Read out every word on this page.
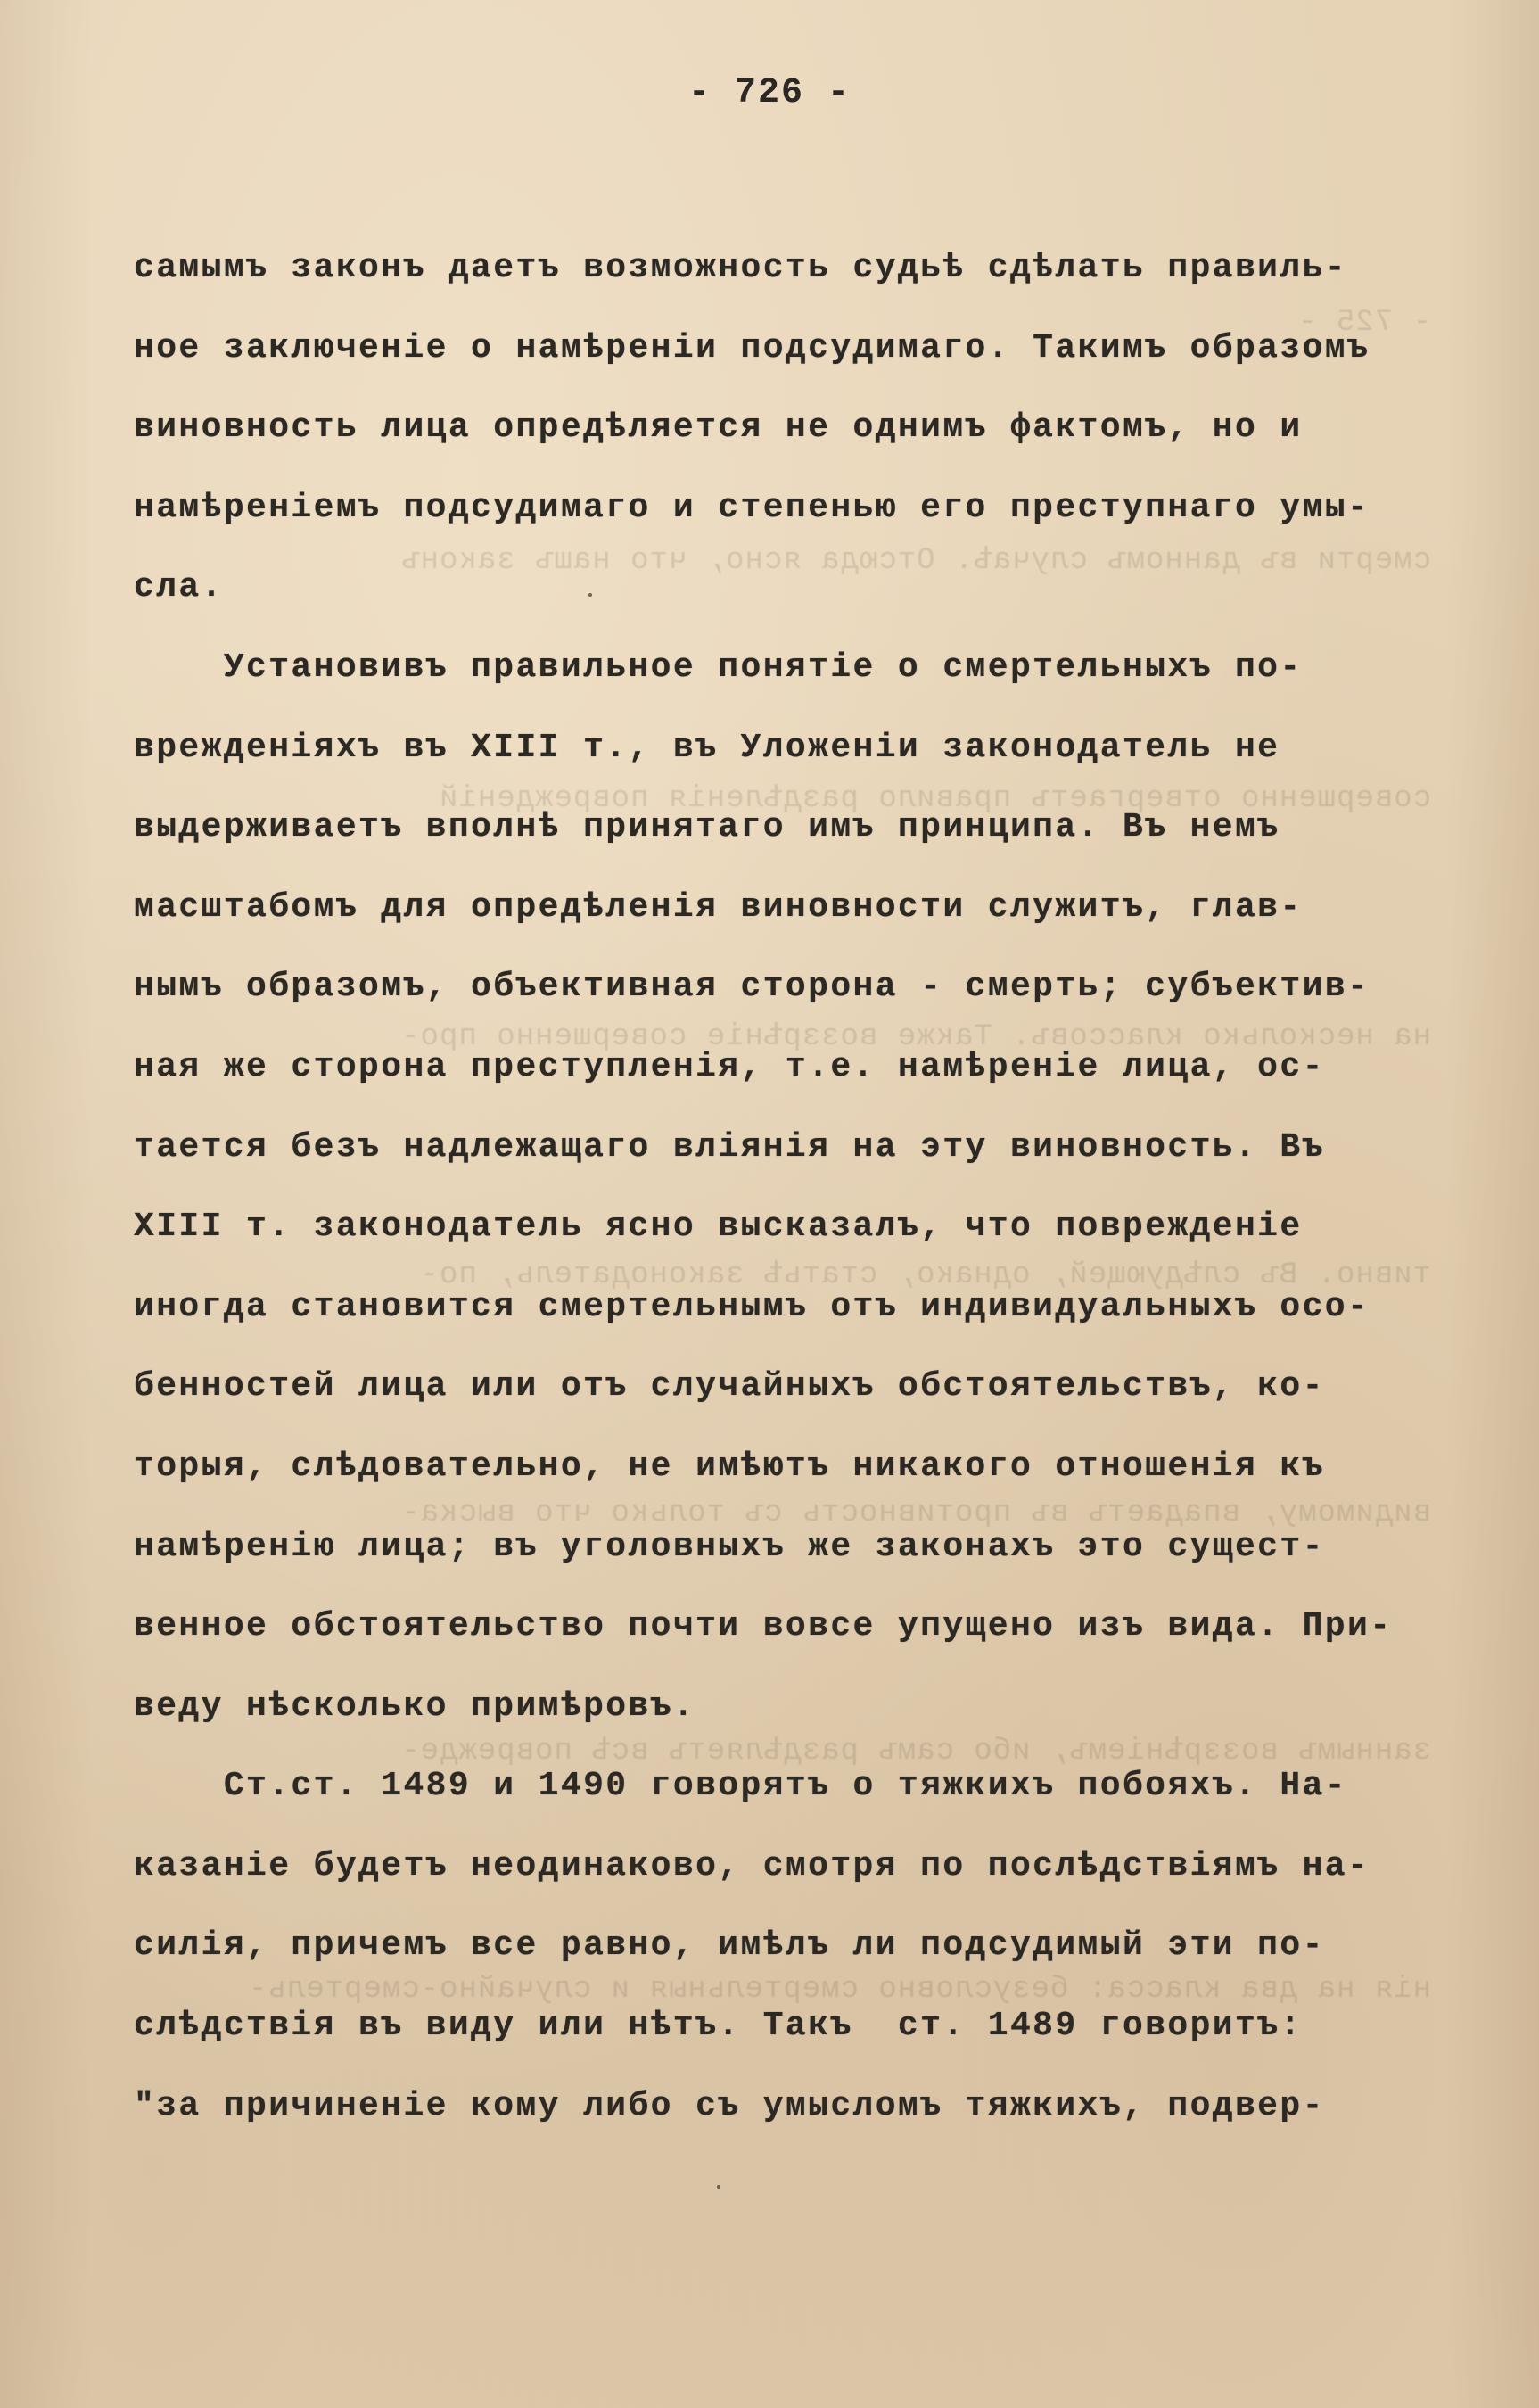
- 725 -

смерти въ данномъ случаѣ. Отсюда ясно, что нашъ законъ

совершенно отвергаетъ правило раздѣленія поврежденій

на несколько классовъ. Также воззрѣніе совершенно про-

тивно. Въ слѣдующей, однако, статьѣ законодатель, по-

видимому, впадаетъ въ противность съ только что выска-

заннымъ воззрѣніемъ, ибо самъ раздѣляетъ всѣ поврежде-

нія на два класса: безусловно смертельныя и случайно-смертель-

- 726 -
самымъ законъ даетъ возможность судьѣ сдѣлать правиль-
ное заключеніе о намѣреніи подсудимаго. Такимъ образомъ
виновность лица опредѣляется не однимъ фактомъ, но и
намѣреніемъ подсудимаго и степенью его преступнаго умы-
сла.
Установивъ правильное понятіе о смертельныхъ по-
врежденіяхъ въ XIII т., въ Уложеніи законодатель не
выдерживаетъ вполнѣ принятаго имъ принципа. Въ немъ
масштабомъ для опредѣленія виновности служитъ, глав-
нымъ образомъ, объективная сторона - смерть; субъектив-
ная же сторона преступленія, т.е. намѣреніе лица, ос-
тается безъ надлежащаго вліянія на эту виновность. Въ
XIII т. законодатель ясно высказалъ, что поврежденіе
иногда становится смертельнымъ отъ индивидуальныхъ осо-
бенностей лица или отъ случайныхъ обстоятельствъ, ко-
торыя, слѣдовательно, не имѣютъ никакого отношенія къ
намѣренію лица; въ уголовныхъ же законахъ это сущест-
венное обстоятельство почти вовсе упущено изъ вида. При-
веду нѣсколько примѣровъ.
Ст.ст. 1489 и 1490 говорятъ о тяжкихъ побояхъ. На-
казаніе будетъ неодинаково, смотря по послѣдствіямъ на-
силія, причемъ все равно, имѣлъ ли подсудимый эти по-
слѣдствія въ виду или нѣтъ. Такъ  ст. 1489 говоритъ:
"за причиненіе кому либо съ умысломъ тяжкихъ, подвер-
